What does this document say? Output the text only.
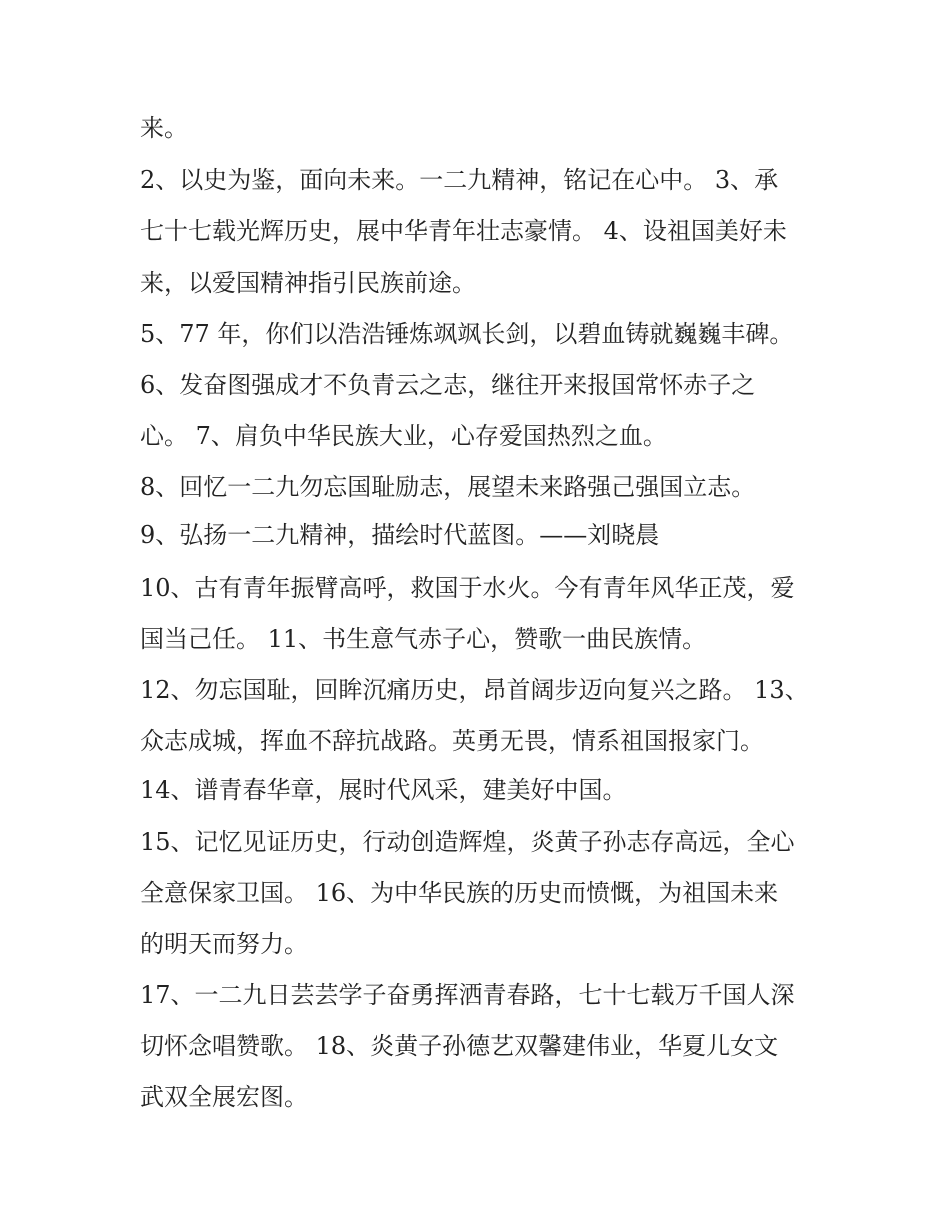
来。
2、以史为鉴，面向未来。一二九精神，铭记在心中。 3、承
七十七载光辉历史，展中华青年壮志豪情。 4、设祖国美好未
来，以爱国精神指引民族前途。
5、77 年，你们以浩浩锤炼飒飒长剑，以碧血铸就巍巍丰碑。
6、发奋图强成才不负青云之志，继往开来报国常怀赤子之
心。 7、肩负中华民族大业，心存爱国热烈之血。
8、回忆一二九勿忘国耻励志，展望未来路强己强国立志。
9、弘扬一二九精神，描绘时代蓝图。——刘晓晨
10、古有青年振臂高呼，救国于水火。今有青年风华正茂，爱
国当己任。 11、书生意气赤子心，赞歌一曲民族情。
12、勿忘国耻，回眸沉痛历史，昂首阔步迈向复兴之路。 13、
众志成城，挥血不辞抗战路。英勇无畏，情系祖国报家门。
14、谱青春华章，展时代风采，建美好中国。
15、记忆见证历史，行动创造辉煌，炎黄子孙志存高远，全心
全意保家卫国。 16、为中华民族的历史而愤慨，为祖国未来
的明天而努力。
17、一二九日芸芸学子奋勇挥洒青春路，七十七载万千国人深
切怀念唱赞歌。 18、炎黄子孙德艺双馨建伟业，华夏儿女文
武双全展宏图。
